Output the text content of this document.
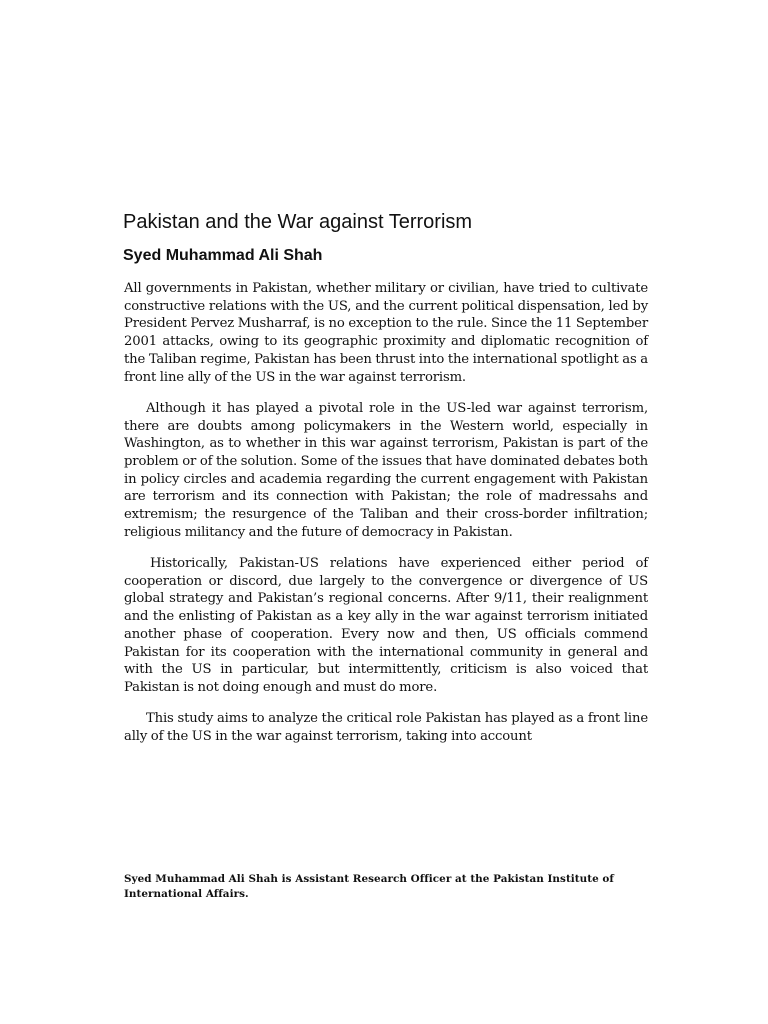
Pakistan and the War against Terrorism
Syed Muhammad Ali Shah

All governments in Pakistan, whether military or civilian, have tried to cultivate constructive relations with the US, and the current political dispensation, led by President Pervez Musharraf, is no exception to the rule. Since the 11 September 2001 attacks, owing to its geographic proximity and diplomatic recognition of the Taliban regime, Pakistan has been thrust into the international spotlight as a front line ally of the US in the war against terrorism.

Although it has played a pivotal role in the US-led war against terrorism, there are doubts among policymakers in the Western world, especially in Washington, as to whether in this war against terrorism, Pakistan is part of the problem or of the solution. Some of the issues that have dominated debates both in policy circles and academia regarding the current engagement with Pakistan are terrorism and its connection with Pakistan; the role of madressahs and extremism; the resurgence of the Taliban and their cross-border infiltration; religious militancy and the future of democracy in Pakistan.

Historically, Pakistan-US relations have experienced either period of cooperation or discord, due largely to the convergence or divergence of US global strategy and Pakistan’s regional concerns. After 9/11, their realignment and the enlisting of Pakistan as a key ally in the war against terrorism initiated another phase of cooperation. Every now and then, US officials commend Pakistan for its cooperation with the international community in general and with the US in particular, but intermittently, criticism is also voiced that Pakistan is not doing enough and must do more.

This study aims to analyze the critical role Pakistan has played as a front line ally of the US in the war against terrorism, taking into account

Syed Muhammad Ali Shah is Assistant Research Officer at the Pakistan Institute of International Affairs.
